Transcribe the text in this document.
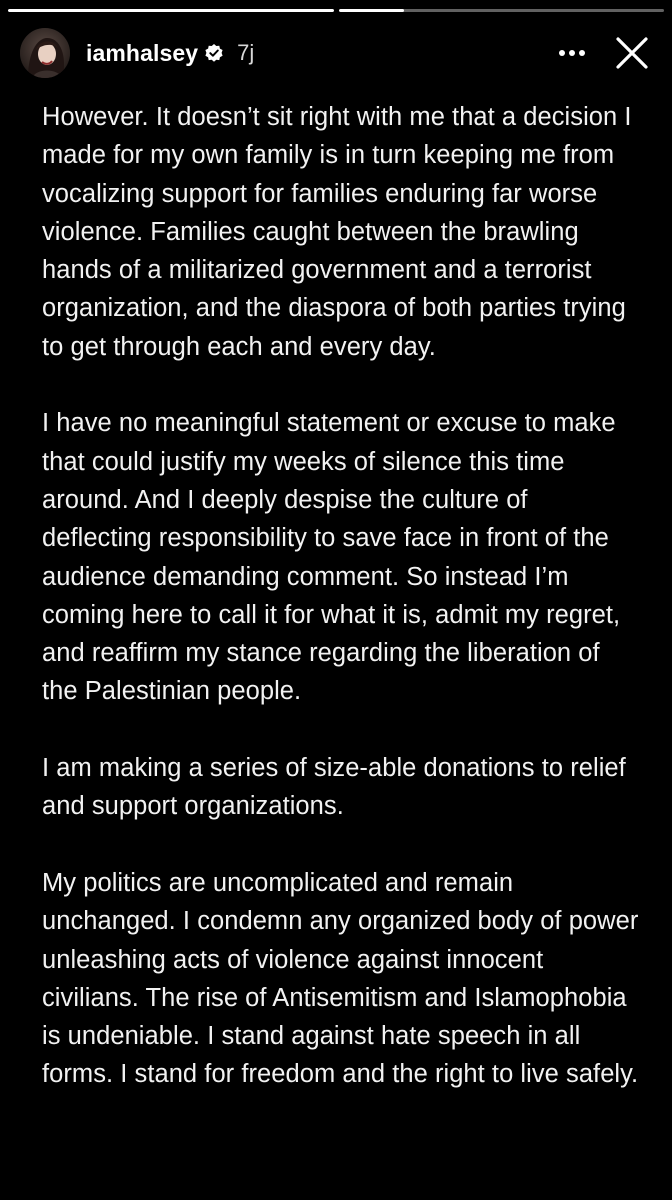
iamhalsey 7j

However. It doesn’t sit right with me that a decision I made for my own family is in turn keeping me from vocalizing support for families enduring far worse violence. Families caught between the brawling hands of a militarized government and a terrorist organization, and the diaspora of both parties trying to get through each and every day.

I have no meaningful statement or excuse to make that could justify my weeks of silence this time around. And I deeply despise the culture of deflecting responsibility to save face in front of the audience demanding comment. So instead I’m coming here to call it for what it is, admit my regret, and reaffirm my stance regarding the liberation of the Palestinian people.

I am making a series of size-able donations to relief and support organizations.

My politics are uncomplicated and remain unchanged. I condemn any organized body of power unleashing acts of violence against innocent civilians. The rise of Antisemitism and Islamophobia is undeniable. I stand against hate speech in all forms. I stand for freedom and the right to live safely.
